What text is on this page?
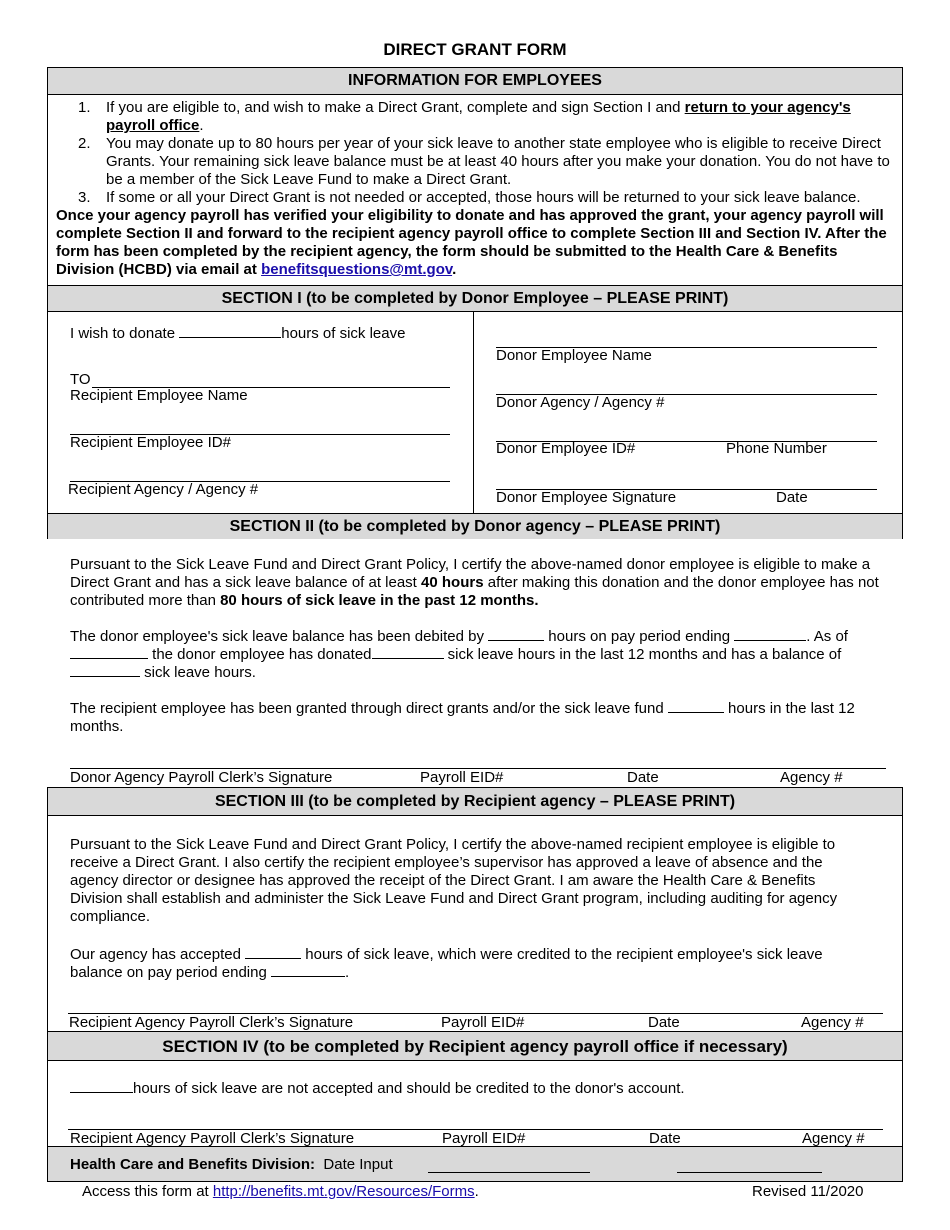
DIRECT GRANT FORM
INFORMATION FOR EMPLOYEES
1. If you are eligible to, and wish to make a Direct Grant, complete and sign Section I and return to your agency's payroll office.
2. You may donate up to 80 hours per year of your sick leave to another state employee who is eligible to receive Direct Grants. Your remaining sick leave balance must be at least 40 hours after you make your donation. You do not have to be a member of the Sick Leave Fund to make a Direct Grant.
3. If some or all your Direct Grant is not needed or accepted, those hours will be returned to your sick leave balance.

Once your agency payroll has verified your eligibility to donate and has approved the grant, your agency payroll will complete Section II and forward to the recipient agency payroll office to complete Section III and Section IV. After the form has been completed by the recipient agency, the form should be submitted to the Health Care & Benefits Division (HCBD) via email at benefitsquestions@mt.gov.

SECTION I (to be completed by Donor Employee – PLEASE PRINT)
I wish to donate	hours of sick leave
TO
Recipient Employee Name
Recipient Employee ID#
Recipient Agency / Agency #
Donor Employee Name
Donor Agency / Agency #
Donor Employee ID#	Phone Number
Donor Employee Signature	Date
SECTION II (to be completed by Donor agency – PLEASE PRINT)
Pursuant to the Sick Leave Fund and Direct Grant Policy, I certify the above-named donor employee is eligible to make a Direct Grant and has a sick leave balance of at least 40 hours after making this donation and the donor employee has not contributed more than 80 hours of sick leave in the past 12 months.
The donor employee's sick leave balance has been debited by	hours on pay period ending	. As of  the donor employee has donated	sick leave hours in the last 12 months and has a balance of  sick leave hours.
The recipient employee has been granted through direct grants and/or the sick leave fund	hours in the last 12 months.
Donor Agency Payroll Clerk’s Signature	Payroll EID#	Date	Agency #
SECTION III (to be completed by Recipient agency – PLEASE PRINT)
Pursuant to the Sick Leave Fund and Direct Grant Policy, I certify the above-named recipient employee is eligible to receive a Direct Grant. I also certify the recipient employee’s supervisor has approved a leave of absence and the agency director or designee has approved the receipt of the Direct Grant. I am aware the Health Care & Benefits Division shall establish and administer the Sick Leave Fund and Direct Grant program, including auditing for agency compliance.
Our agency has accepted	hours of sick leave, which were credited to the recipient employee's sick leave balance on pay period ending	.
Recipient Agency Payroll Clerk’s Signature	Payroll EID#	Date	Agency #
SECTION IV (to be completed by Recipient agency payroll office if necessary)
hours of sick leave are not accepted and should be credited to the donor's account.
Recipient Agency Payroll Clerk’s Signature	Payroll EID#	Date	Agency #
Health Care and Benefits Division: Date Input
Access this form at http://benefits.mt.gov/Resources/Forms.	Revised 11/2020
